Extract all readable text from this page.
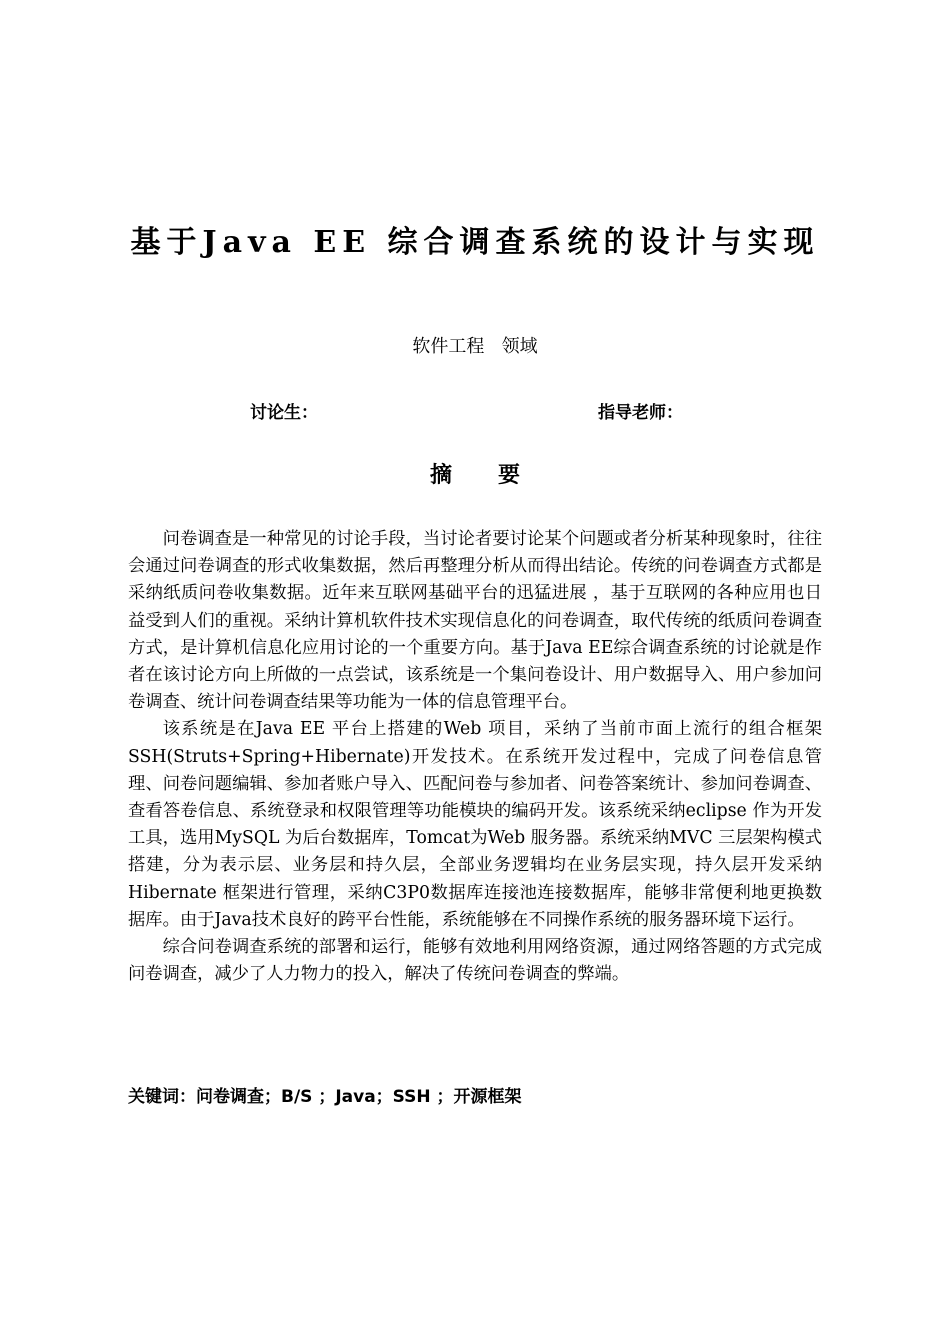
基于Java EE 综合调查系统的设计与实现
软件工程   领域
讨论生：	指导老师：
摘      要

问卷调查是一种常见的讨论手段，当讨论者要讨论某个问题或者分析某种现象时，往往会通过问卷调查的形式收集数据，然后再整理分析从而得出结论。传统的问卷调查方式都是采纳纸质问卷收集数据。近年来互联网基础平台的迅猛进展 ，基于互联网的各种应用也日益受到人们的重视。采纳计算机软件技术实现信息化的问卷调查，取代传统的纸质问卷调查方式，是计算机信息化应用讨论的一个重要方向。基于Java EE综合调查系统的讨论就是作者在该讨论方向上所做的一点尝试，该系统是一个集问卷设计、用户数据导入、用户参加问卷调查、统计问卷调查结果等功能为一体的信息管理平台。

该系统是在Java EE 平台上搭建的Web 项目，采纳了当前市面上流行的组合框架SSH(Struts+Spring+Hibernate)开发技术。在系统开发过程中，完成了问卷信息管理、问卷问题编辑、参加者账户导入、匹配问卷与参加者、问卷答案统计、参加问卷调查、查看答卷信息、系统登录和权限管理等功能模块的编码开发。该系统采纳eclipse 作为开发工具，选用MySQL 为后台数据库，Tomcat为Web 服务器。系统采纳MVC 三层架构模式搭建，分为表示层、业务层和持久层，全部业务逻辑均在业务层实现，持久层开发采纳Hibernate 框架进行管理，采纳C3P0数据库连接池连接数据库，能够非常便利地更换数据库。由于Java技术良好的跨平台性能，系统能够在不同操作系统的服务器环境下运行。

综合问卷调查系统的部署和运行，能够有效地利用网络资源，通过网络答题的方式完成问卷调查，减少了人力物力的投入，解决了传统问卷调查的弊端。

关键词：问卷调查；B/S ；Java；SSH ；开源框架
